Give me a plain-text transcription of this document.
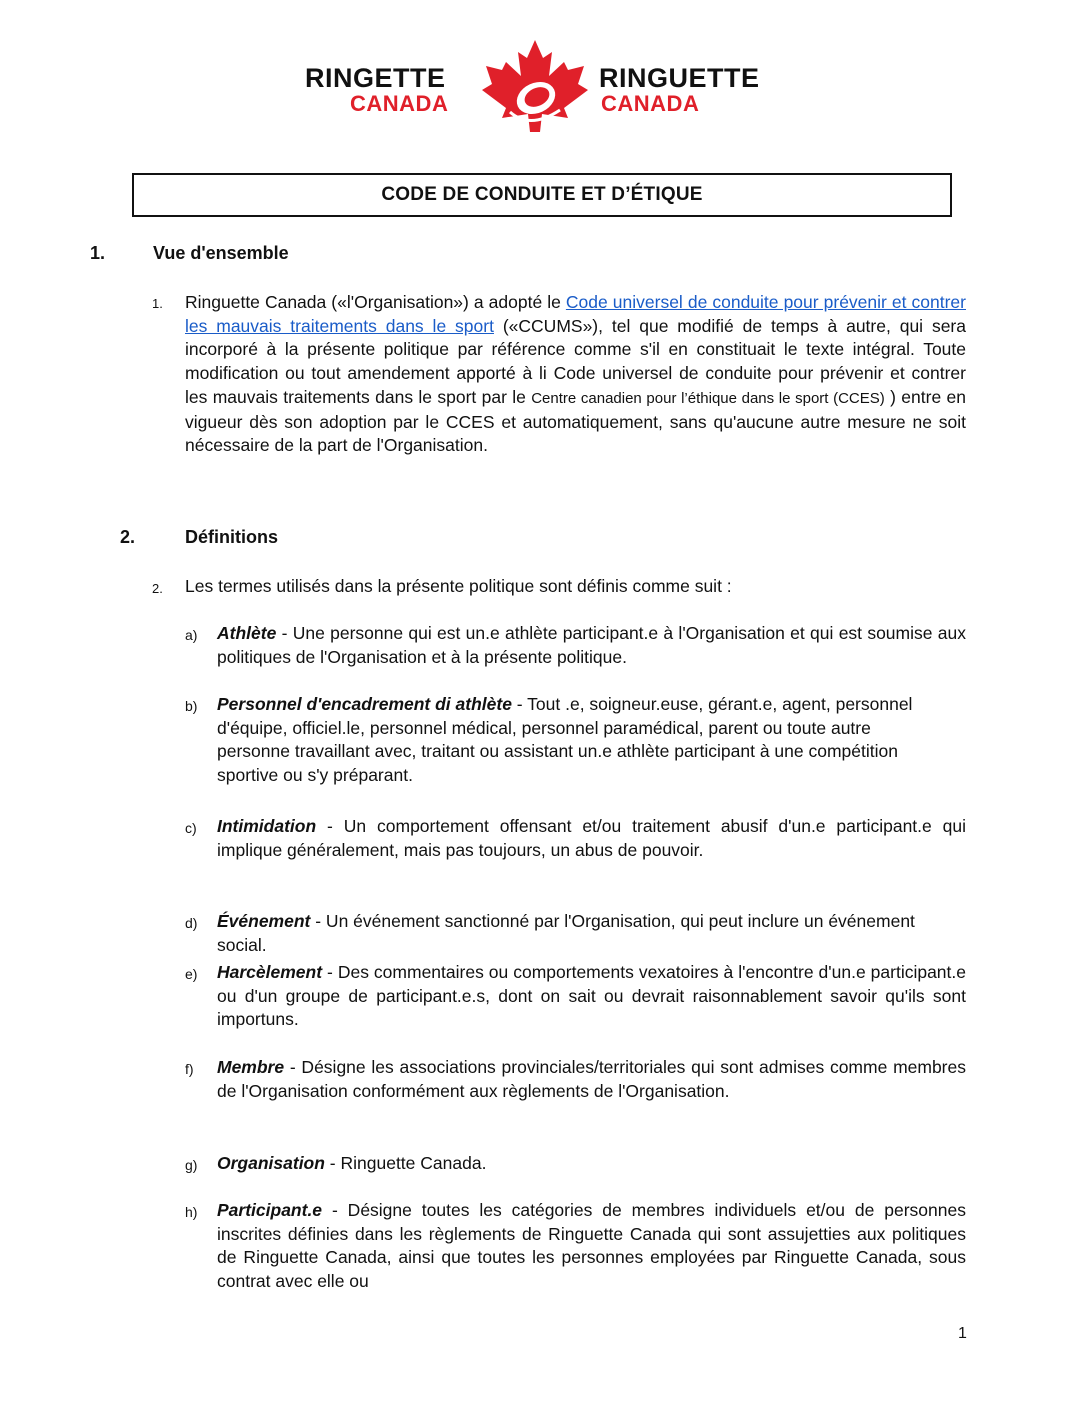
RINGETTE
CANADA
RINGUETTE
CANADA
CODE DE CONDUITE ET D’ÉTIQUE
1.	Vue d'ensemble
1. Ringuette Canada («l'Organisation») a adopté le Code universel de conduite pour prévenir et contrer les mauvais traitements dans le sport («CCUMS»), tel que modifié de temps à autre, qui sera incorporé à la présente politique par référence comme s'il en constituait le texte intégral. Toute modification ou tout amendement apporté à li Code universel de conduite pour prévenir et contrer les mauvais traitements dans le sport par le Centre canadien pour l’éthique dans le sport (CCES) ) entre en vigueur dès son adoption par le CCES et automatiquement, sans qu'aucune autre mesure ne soit nécessaire de la part de l'Organisation.
2.	Définitions
2. Les termes utilisés dans la présente politique sont définis comme suit :
a) Athlète - Une personne qui est un.e athlète participant.e à l'Organisation et qui est soumise aux politiques de l'Organisation et à la présente politique.
b) Personnel d'encadrement di athlète - Tout .e, soigneur.euse, gérant.e, agent, personnel d'équipe, officiel.le, personnel médical, personnel paramédical, parent ou toute autre personne travaillant avec, traitant ou assistant un.e athlète participant à une compétition sportive ou s'y préparant.
c) Intimidation - Un comportement offensant et/ou traitement abusif d'un.e participant.e qui implique généralement, mais pas toujours, un abus de pouvoir.
d) Événement - Un événement sanctionné par l'Organisation, qui peut inclure un événement social.
e) Harcèlement - Des commentaires ou comportements vexatoires à l'encontre d'un.e participant.e ou d'un groupe de participant.e.s, dont on sait ou devrait raisonnablement savoir qu'ils sont importuns.
f) Membre - Désigne les associations provinciales/territoriales qui sont admises comme membres de l'Organisation conformément aux règlements de l'Organisation.
g) Organisation - Ringuette Canada.
h) Participant.e - Désigne toutes les catégories de membres individuels et/ou de personnes inscrites définies dans les règlements de Ringuette Canada qui sont assujetties aux politiques de Ringuette Canada, ainsi que toutes les personnes employées par Ringuette Canada, sous contrat avec elle ou
1
